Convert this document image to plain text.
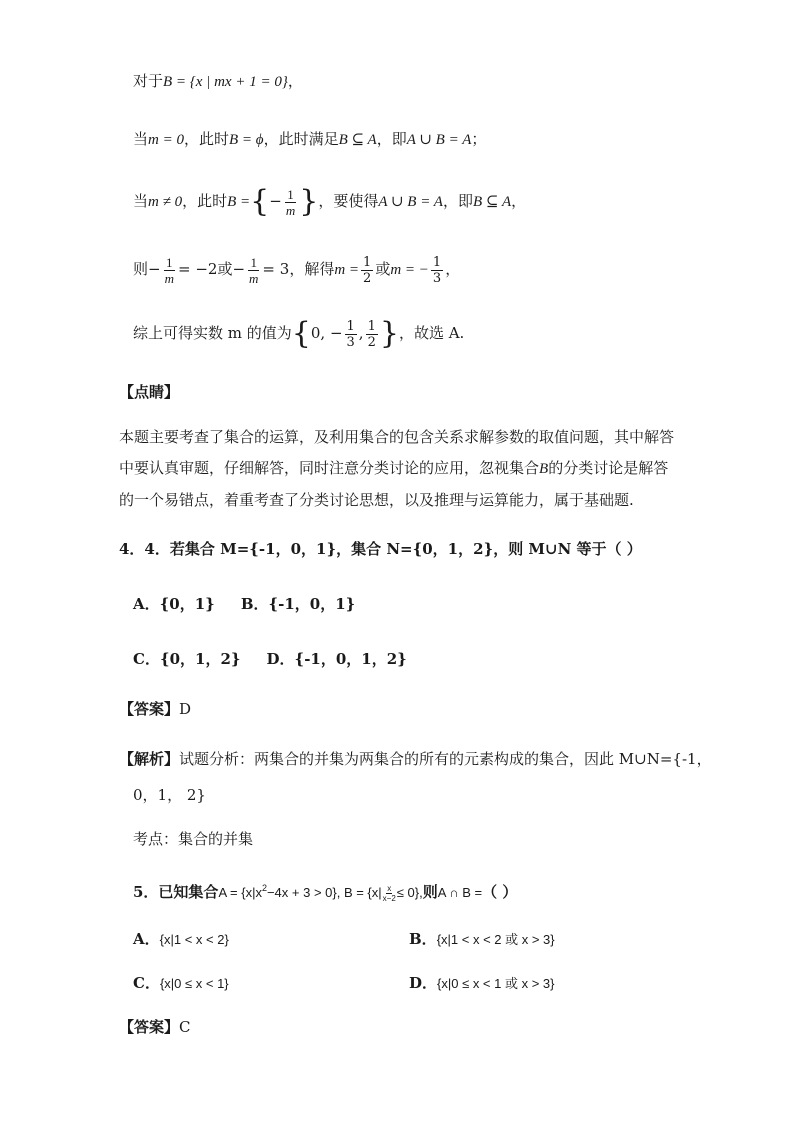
对于B = {x | mx + 1 = 0}，
当m = 0，此时B = ϕ，此时满足B ⊆ A，即A ∪ B = A；
当m ≠ 0，此时B ={− $\frac{1}{m}$ }，要使得A ∪ B = A，即B ⊆ A，
则− $\frac{1}{m} = -2$或− $\frac{1}{m} = 3$，解得$m = \frac{1}{2}$ 或m = − $\frac{1}{3}$ ，
综上可得实数 m 的值为{0, − $\frac{1}{3}$ , $\frac{1}{2}$ }，故选 A.
【点睛】
本题主要考查了集合的运算，及利用集合的包含关系求解参数的取值问题，其中解答中要认真审题，仔细解答，同时注意分类讨论的应用，忽视集合B的分类讨论是解答的一个易错点，着重考查了分类讨论思想，以及推理与运算能力，属于基础题.
4．4．若集合 M={-1，0，1}，集合 N={0，1，2}，则 M∪N 等于（ ）
A．{0，1} B．{-1，0，1}
C．{0，1，2} D．{-1，0，1，2}
【答案】D
【解析】试题分析：两集合的并集为两集合的所有的元素构成的集合，因此 M∪N={-1，
0，1， 2}
考点：集合的并集
5．已知集合$A = \{x|x^2-4x + 3 > 0\}$, $B = \{x| \frac{x}{x-2} \le 0\}$,则A ∩ B =（ ）
A．{x|1 < x < 2}	B．{x|1 < x < 2 或 x > 3}
C．{x|0 ≤ x < 1}	D．{x|0 ≤ x < 1 或 x > 3}
【答案】C
